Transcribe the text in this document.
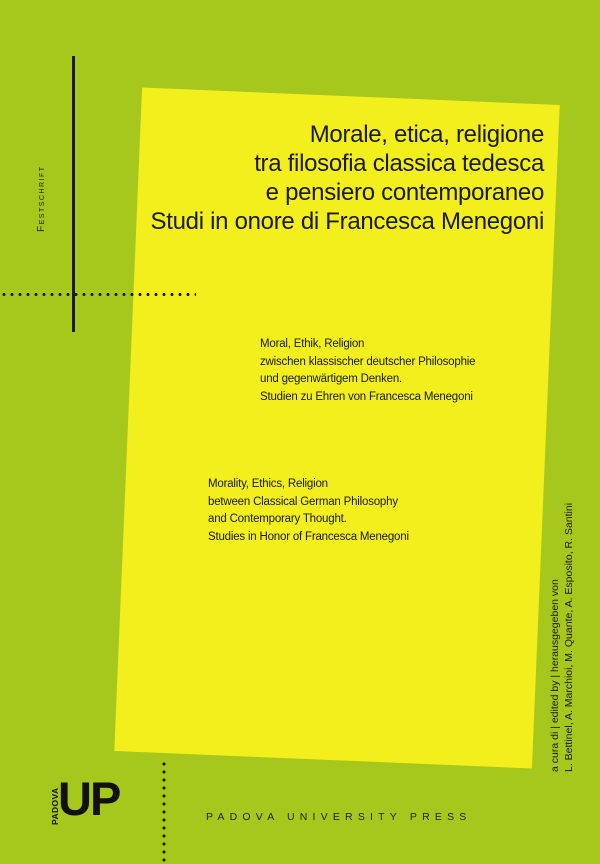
Festschrift
Morale, etica, religione
tra filosofia classica tedesca
e pensiero contemporaneo
Studi in onore di Francesca Menegoni
Moral, Ethik, Religion
zwischen klassischer deutscher Philosophie
und gegenwärtigem Denken.
Studien zu Ehren von Francesca Menegoni
Morality, Ethics, Religion
between Classical German Philosophy
and Contemporary Thought.
Studies in Honor of Francesca Menegoni
a cura di | edited by | herausgegeben von L. Bettinel, A. Marchioi, M. Quante, A. Esposito, R. Santini
PADOVA
UP	PADOVA UNIVERSITY PRESS
